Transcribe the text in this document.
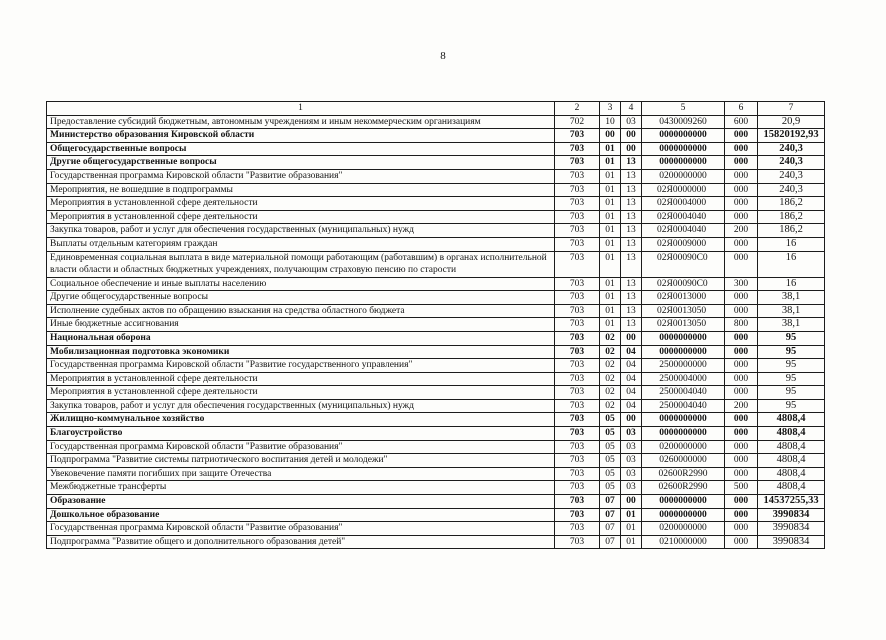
8
1	2	3	4	5	6	7
Предоставление субсидий бюджетным, автономным учреждениям и иным некоммерческим организациям	702	10	03	0430009260	600	20,9
Министерство образования Кировской области	703	00	00	0000000000	000	15820192,93
Общегосударственные вопросы	703	01	00	0000000000	000	240,3
Другие общегосударственные вопросы	703	01	13	0000000000	000	240,3
Государственная программа Кировской области "Развитие образования"	703	01	13	0200000000	000	240,3
Мероприятия, не вошедшие в подпрограммы	703	01	13	02Я0000000	000	240,3
Мероприятия в установленной сфере деятельности	703	01	13	02Я0004000	000	186,2
Мероприятия в установленной сфере деятельности	703	01	13	02Я0004040	000	186,2
Закупка товаров, работ и услуг для обеспечения государственных (муниципальных) нужд	703	01	13	02Я0004040	200	186,2
Выплаты отдельным категориям граждан	703	01	13	02Я0009000	000	16
Единовременная социальная выплата в виде материальной помощи работающим (работавшим) в органах исполнительной власти области и областных бюджетных учреждениях, получающим страховую пенсию по старости	703	01	13	02Я00090С0	000	16
Социальное обеспечение и иные выплаты населению	703	01	13	02Я00090С0	300	16
Другие общегосударственные вопросы	703	01	13	02Я0013000	000	38,1
Исполнение судебных актов по обращению взыскания на средства областного бюджета	703	01	13	02Я0013050	000	38,1
Иные бюджетные ассигнования	703	01	13	02Я0013050	800	38,1
Национальная оборона	703	02	00	0000000000	000	95
Мобилизационная подготовка экономики	703	02	04	0000000000	000	95
Государственная программа Кировской области "Развитие государственного управления"	703	02	04	2500000000	000	95
Мероприятия в установленной сфере деятельности	703	02	04	2500004000	000	95
Мероприятия в установленной сфере деятельности	703	02	04	2500004040	000	95
Закупка товаров, работ и услуг для обеспечения государственных (муниципальных) нужд	703	02	04	2500004040	200	95
Жилищно-коммунальное хозяйство	703	05	00	0000000000	000	4808,4
Благоустройство	703	05	03	0000000000	000	4808,4
Государственная программа Кировской области "Развитие образования"	703	05	03	0200000000	000	4808,4
Подпрограмма "Развитие системы патриотического воспитания детей и молодежи"	703	05	03	0260000000	000	4808,4
Увековечение памяти погибших при защите Отечества	703	05	03	02600R2990	000	4808,4
Межбюджетные трансферты	703	05	03	02600R2990	500	4808,4
Образование	703	07	00	0000000000	000	14537255,33
Дошкольное образование	703	07	01	0000000000	000	3990834
Государственная программа Кировской области "Развитие образования"	703	07	01	0200000000	000	3990834
Подпрограмма "Развитие общего и дополнительного образования детей"	703	07	01	0210000000	000	3990834
